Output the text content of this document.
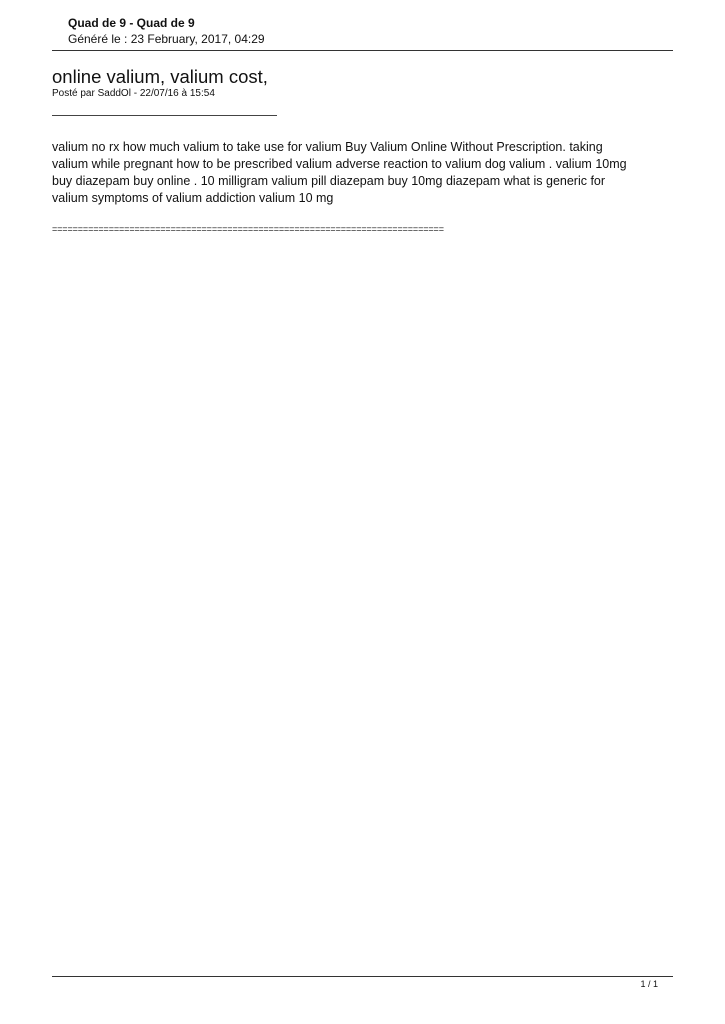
Quad de 9 - Quad de 9
Généré le : 23 February, 2017, 04:29
online valium, valium cost,
Posté par SaddOl - 22/07/16 à 15:54
valium no rx how much valium to take use for valium Buy Valium Online Without Prescription. taking
valium while pregnant how to be prescribed valium adverse reaction to valium dog valium . valium 10mg
buy diazepam buy online . 10 milligram valium pill diazepam buy 10mg diazepam what is generic for
valium symptoms of valium addiction valium 10 mg
============================================================================
1 / 1
